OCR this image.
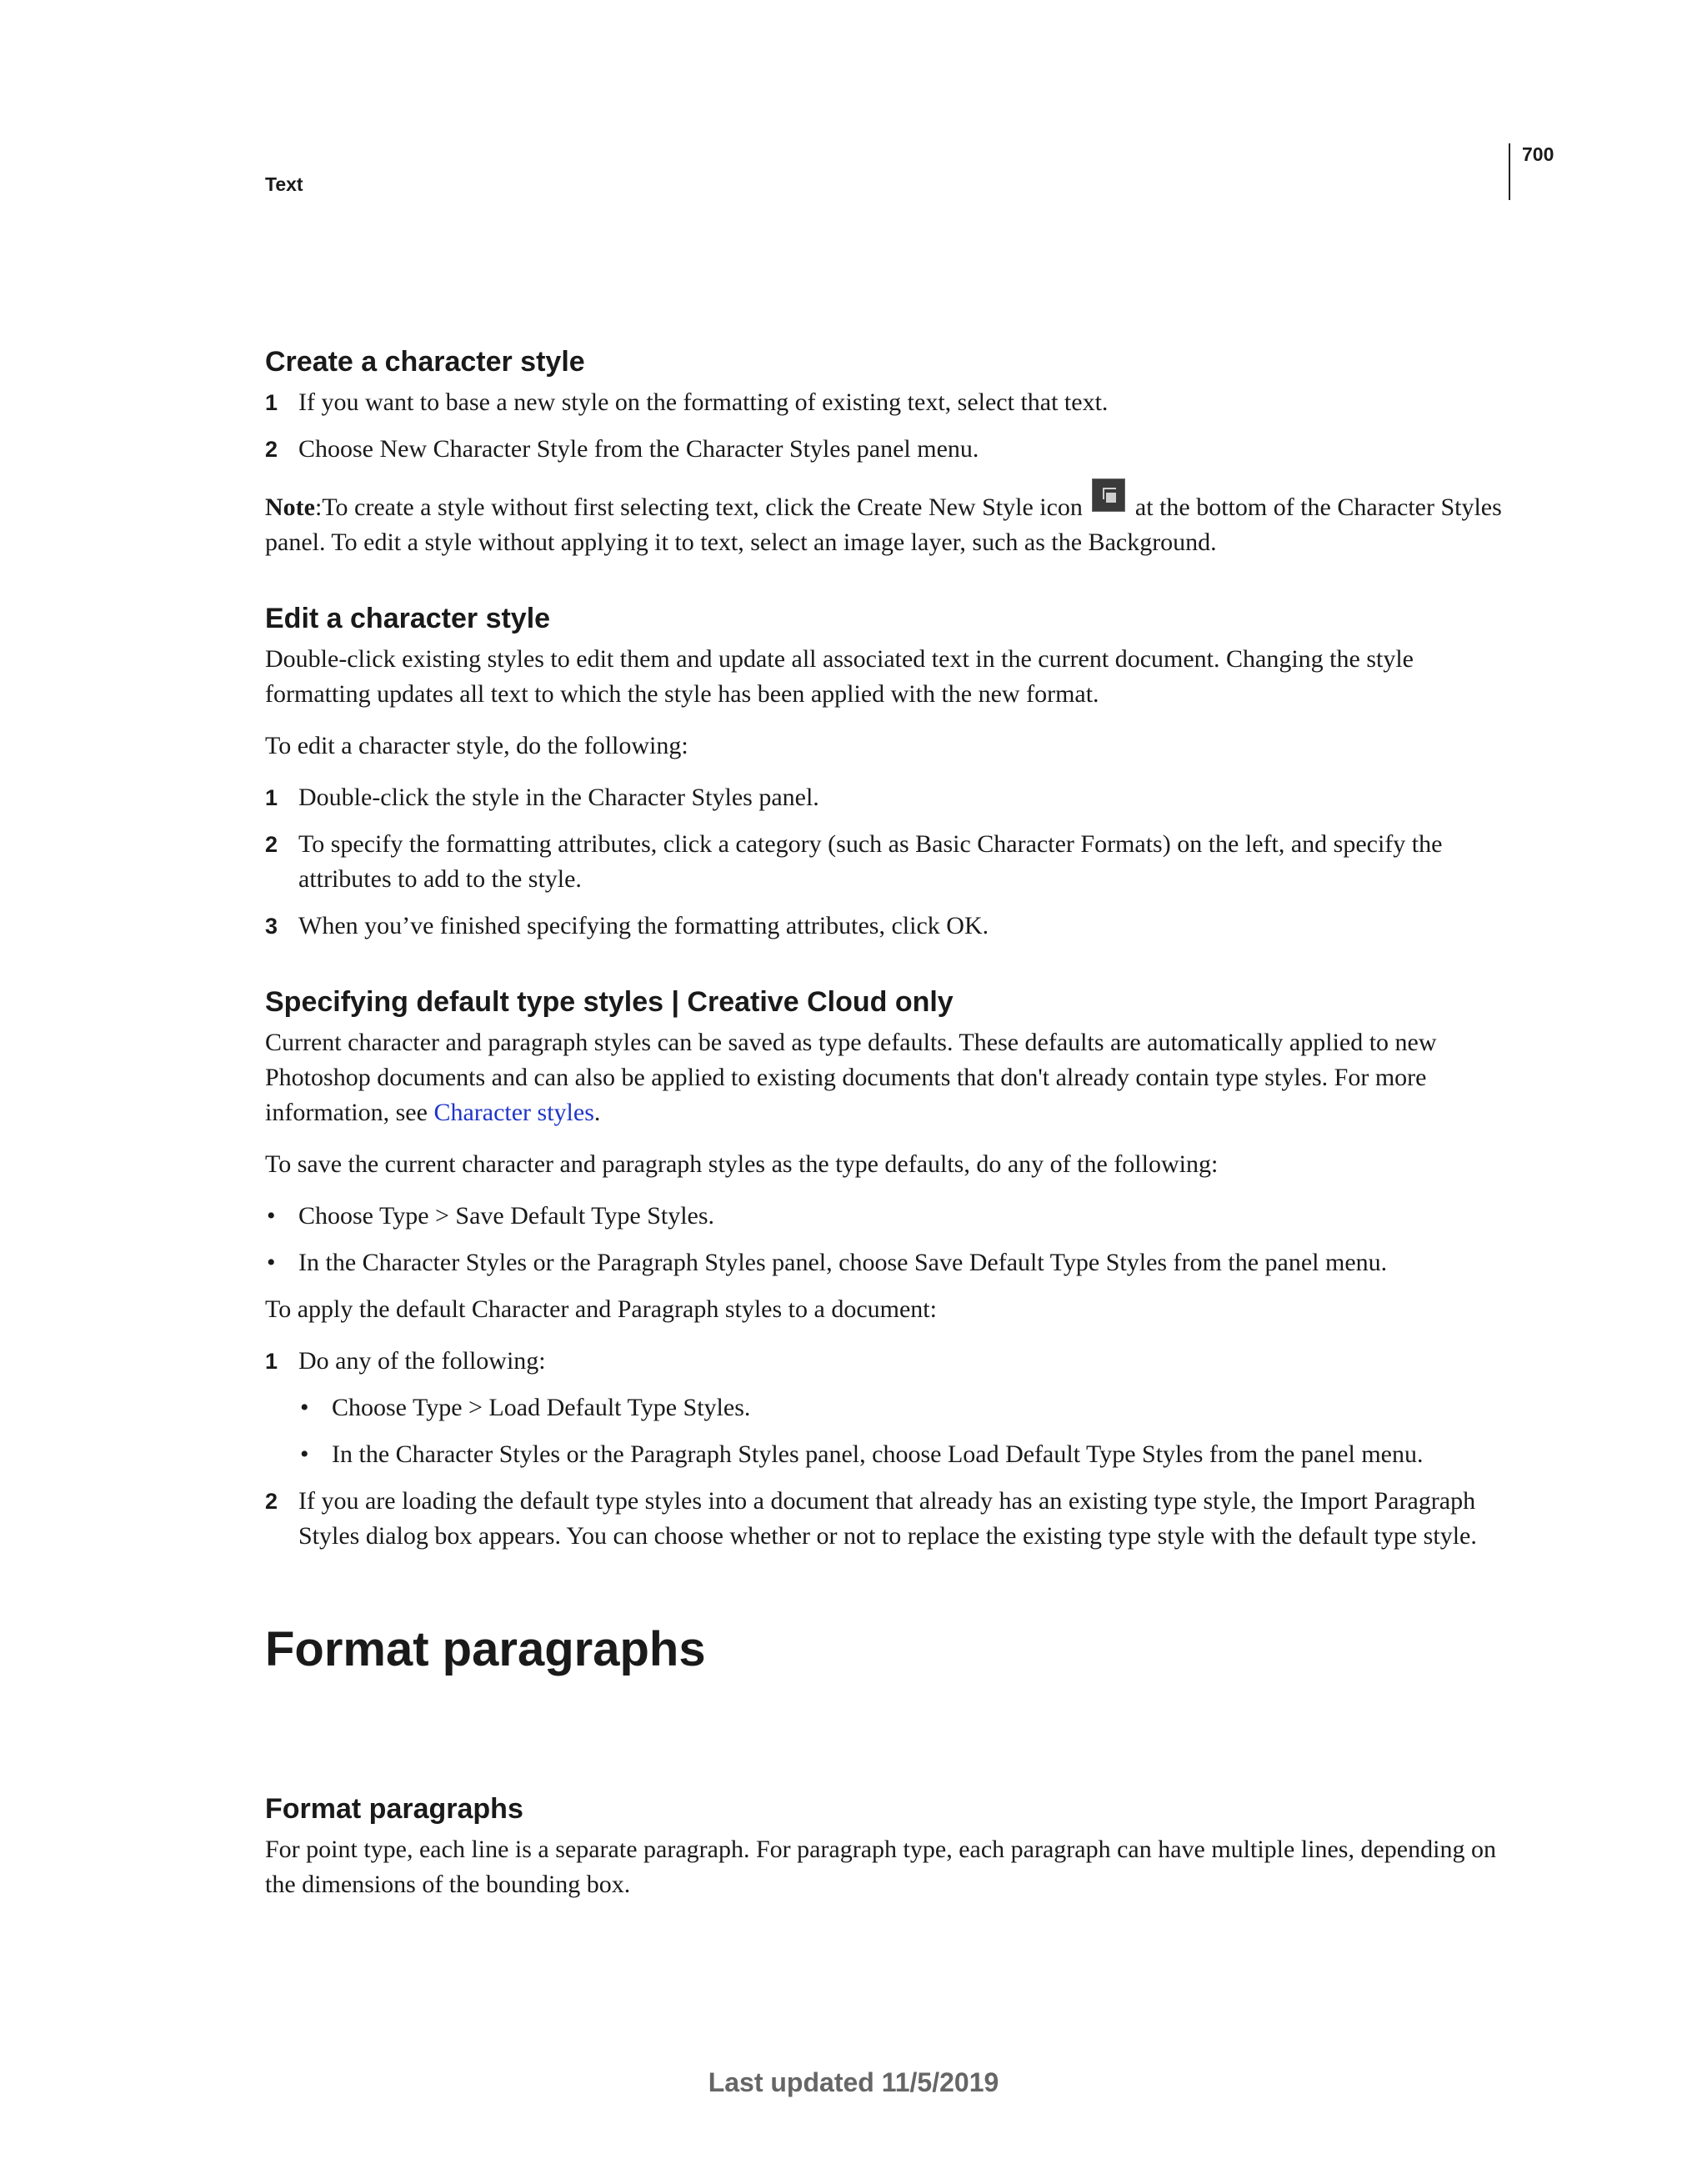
Text
700
Create a character style
1 If you want to base a new style on the formatting of existing text, select that text.
2 Choose New Character Style from the Character Styles panel menu.

Note:To create a style without first selecting text, click the Create New Style icon at the bottom of the Character Styles panel. To edit a style without applying it to text, select an image layer, such as the Background.

Edit a character style

Double-click existing styles to edit them and update all associated text in the current document. Changing the style formatting updates all text to which the style has been applied with the new format.

To edit a character style, do the following:

1 Double-click the style in the Character Styles panel.
2 To specify the formatting attributes, click a category (such as Basic Character Formats) on the left, and specify the attributes to add to the style.
3 When you’ve finished specifying the formatting attributes, click OK.
Specifying default type styles | Creative Cloud only

Current character and paragraph styles can be saved as type defaults. These defaults are automatically applied to new Photoshop documents and can also be applied to existing documents that don't already contain type styles. For more information, see Character styles.

To save the current character and paragraph styles as the type defaults, do any of the following:

• Choose Type > Save Default Type Styles.
• In the Character Styles or the Paragraph Styles panel, choose Save Default Type Styles from the panel menu.

To apply the default Character and Paragraph styles to a document:

1 Do any of the following:
• Choose Type > Load Default Type Styles.
• In the Character Styles or the Paragraph Styles panel, choose Load Default Type Styles from the panel menu.
2 If you are loading the default type styles into a document that already has an existing type style, the Import Paragraph Styles dialog box appears. You can choose whether or not to replace the existing type style with the default type style.
Format paragraphs
Format paragraphs

For point type, each line is a separate paragraph. For paragraph type, each paragraph can have multiple lines, depending on the dimensions of the bounding box.

Last updated 11/5/2019
